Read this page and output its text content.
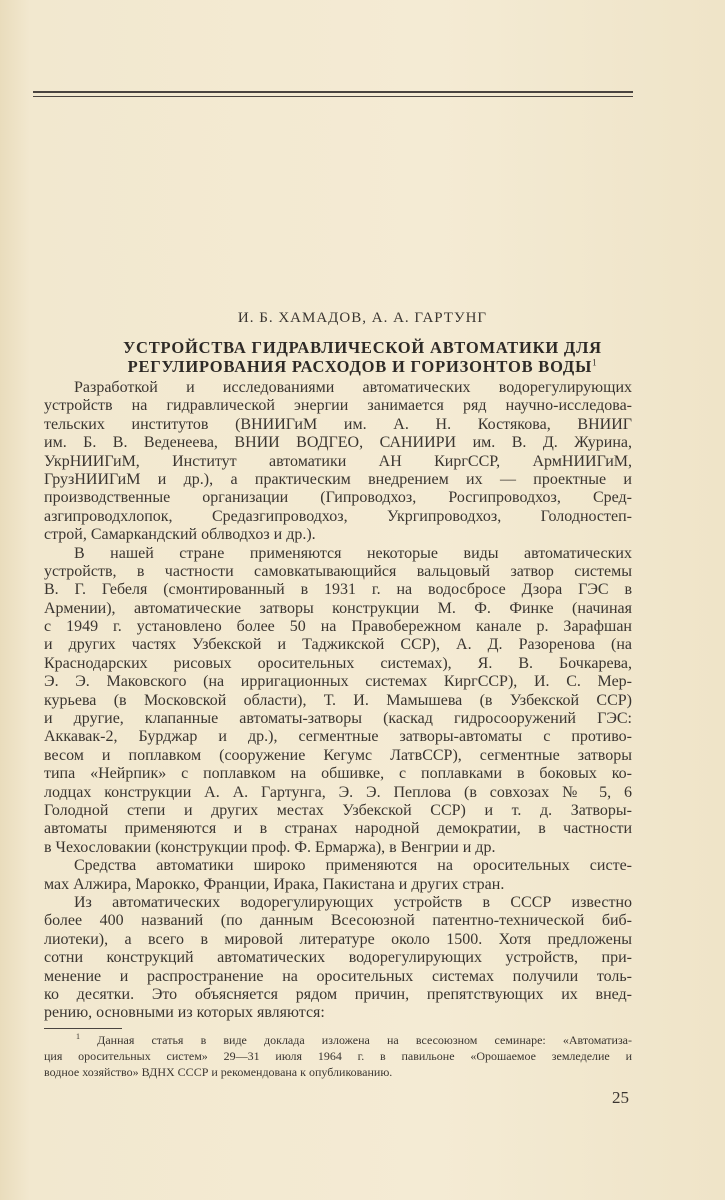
И. Б. ХАМАДОВ, А. А. ГАРТУНГ
УСТРОЙСТВА ГИДРАВЛИЧЕСКОЙ АВТОМАТИКИ ДЛЯ
РЕГУЛИРОВАНИЯ РАСХОДОВ И ГОРИЗОНТОВ ВОДЫ$^1$
Разработкой и исследованиями автоматических водорегулирующих
устройств на гидравлической энергии занимается ряд научно-исследова-
тельских институтов (ВНИИГиМ им. А. Н. Костякова, ВНИИГ
им. Б. В. Веденеева, ВНИИ ВОДГЕО, САНИИРИ им. В. Д. Журина,
УкрНИИГиМ, Институт автоматики АН КиргССР, АрмНИИГиМ,
ГрузНИИГиМ и др.), а практическим внедрением их — проектные и
производственные организации (Гипроводхоз, Росгипроводхоз, Сред-
азгипроводхлопок, Средазгипроводхоз, Укргипроводхоз, Голодностеп-
строй, Самаркандский облводхоз и др.).
В нашей стране применяются некоторые виды автоматических
устройств, в частности самовкатывающийся вальцовый затвор системы
В. Г. Гебеля (смонтированный в 1931 г. на водосбросе Дзора ГЭС в
Армении), автоматические затворы конструкции М. Ф. Финке (начиная
с 1949 г. установлено более 50 на Правобережном канале р. Зарафшан
и других частях Узбекской и Таджикской ССР), А. Д. Разоренова (на
Краснодарских рисовых оросительных системах), Я. В. Бочкарева,
Э. Э. Маковского (на ирригационных системах КиргССР), И. С. Мер-
курьева (в Московской области), Т. И. Мамышева (в Узбекской ССР)
и другие, клапанные автоматы-затворы (каскад гидросооружений ГЭС:
Аккавак-2, Бурджар и др.), сегментные затворы-автоматы с противо-
весом и поплавком (сооружение Кегумс ЛатвССР), сегментные затворы
типа «Нейрпик» с поплавком на обшивке, с поплавками в боковых ко-
лодцах конструкции А. А. Гартунга, Э. Э. Пеплова (в совхозах № 5, 6
Голодной степи и других местах Узбекской ССР) и т. д. Затворы-
автоматы применяются и в странах народной демократии, в частности
в Чехословакии (конструкции проф. Ф. Ермаржа), в Венгрии и др.
Средства автоматики широко применяются на оросительных систе-
мах Алжира, Марокко, Франции, Ирака, Пакистана и других стран.
Из автоматических водорегулирующих устройств в СССР известно
более 400 названий (по данным Всесоюзной патентно-технической биб-
лиотеки), а всего в мировой литературе около 1500. Хотя предложены
сотни конструкций автоматических водорегулирующих устройств, при-
менение и распространение на оросительных системах получили толь-
ко десятки. Это объясняется рядом причин, препятствующих их внед-
рению, основными из которых являются:
$^1$ Данная статья в виде доклада изложена на всесоюзном семинаре: «Автоматиза-
ция оросительных систем» 29—31 июля 1964 г. в павильоне «Орошаемое земледелие и
водное хозяйство» ВДНХ СССР и рекомендована к опубликованию.
25
